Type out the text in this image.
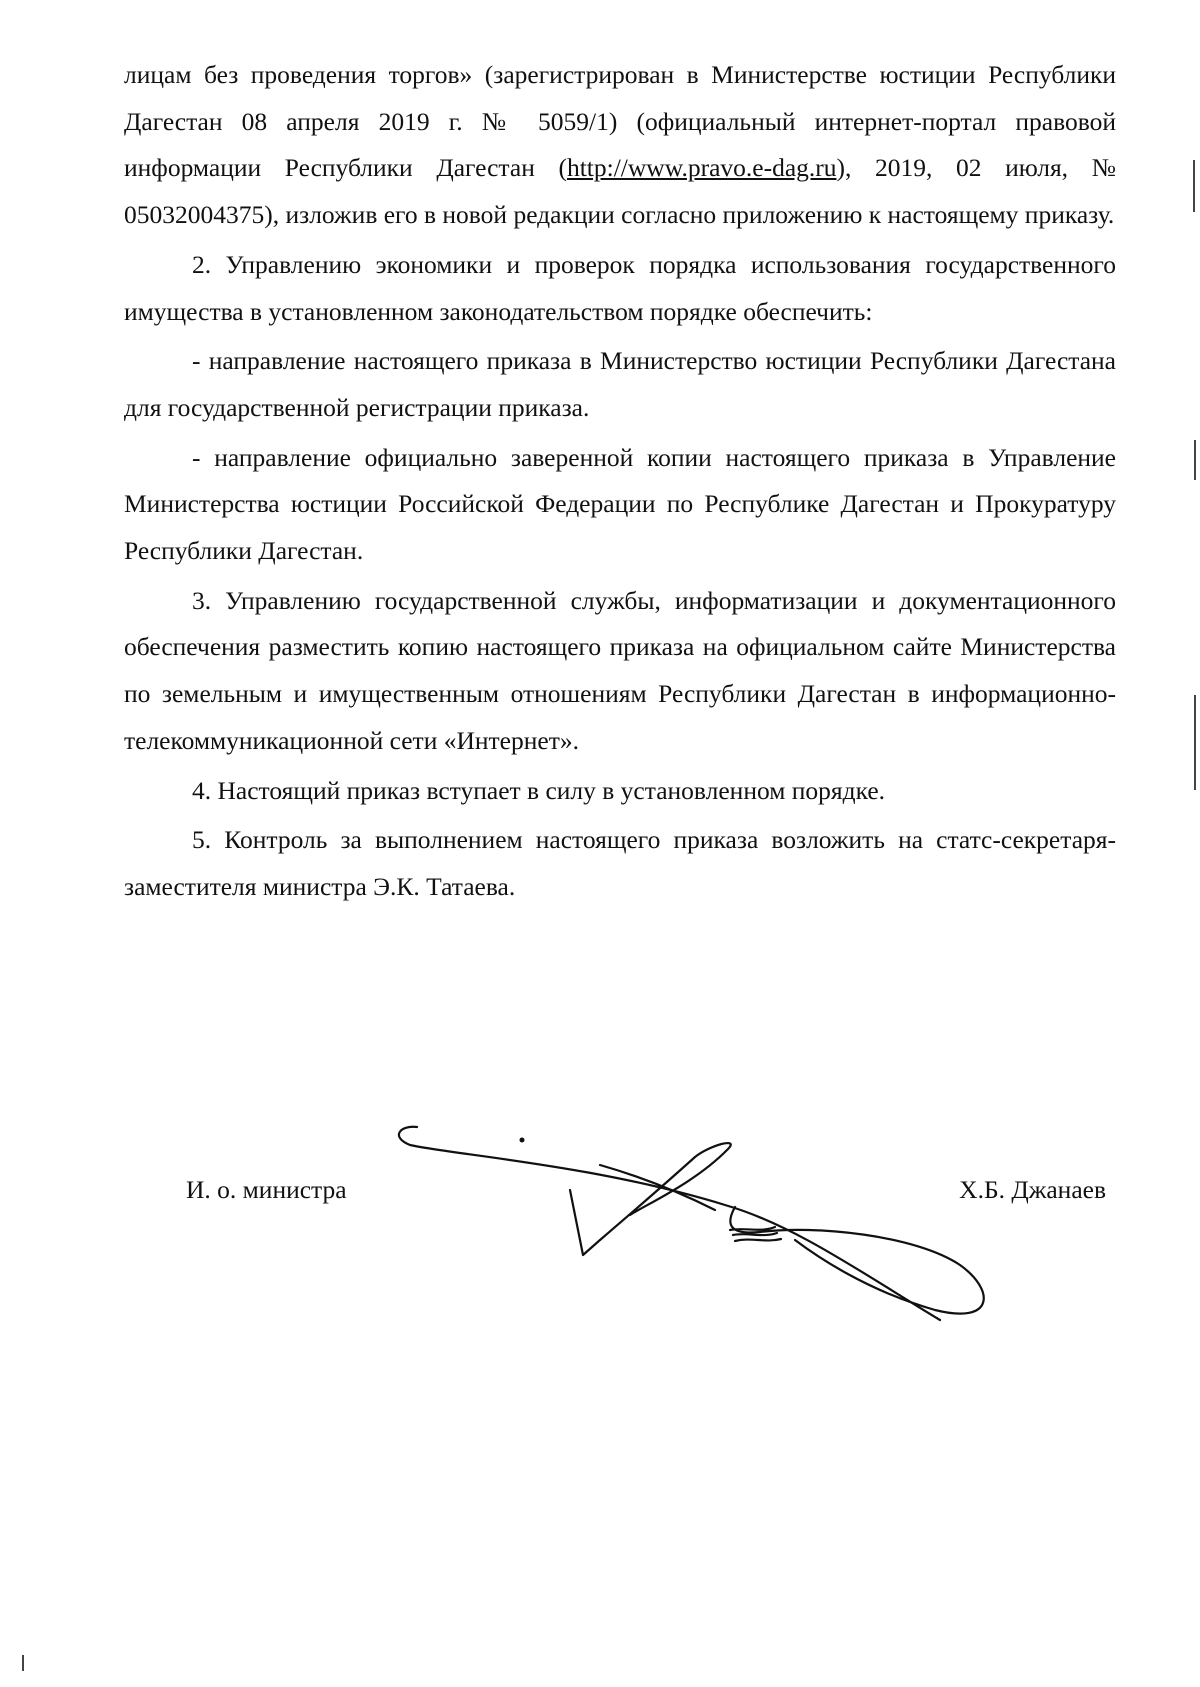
лицам без проведения торгов» (зарегистрирован в Министерстве юстиции Республики Дагестан 08 апреля 2019 г. № 5059/1) (официальный интернет-портал правовой информации Республики Дагестан (http://www.pravo.e-dag.ru), 2019, 02 июля, № 05032004375), изложив его в новой редакции согласно приложению к настоящему приказу.

2. Управлению экономики и проверок порядка использования государственного имущества в установленном законодательством порядке обеспечить:

- направление настоящего приказа в Министерство юстиции Республики Дагестана для государственной регистрации приказа.

- направление официально заверенной копии настоящего приказа в Управление Министерства юстиции Российской Федерации по Республике Дагестан и Прокуратуру Республики Дагестан.

3. Управлению государственной службы, информатизации и документационного обеспечения разместить копию настоящего приказа на официальном сайте Министерства по земельным и имущественным отношениям Республики Дагестан в информационно-телекоммуникационной сети «Интернет».

4. Настоящий приказ вступает в силу в установленном порядке.

5. Контроль за выполнением настоящего приказа возложить на статс-секретаря-заместителя министра Э.К. Татаева.

И. о. министра	Х.Б. Джанаев
